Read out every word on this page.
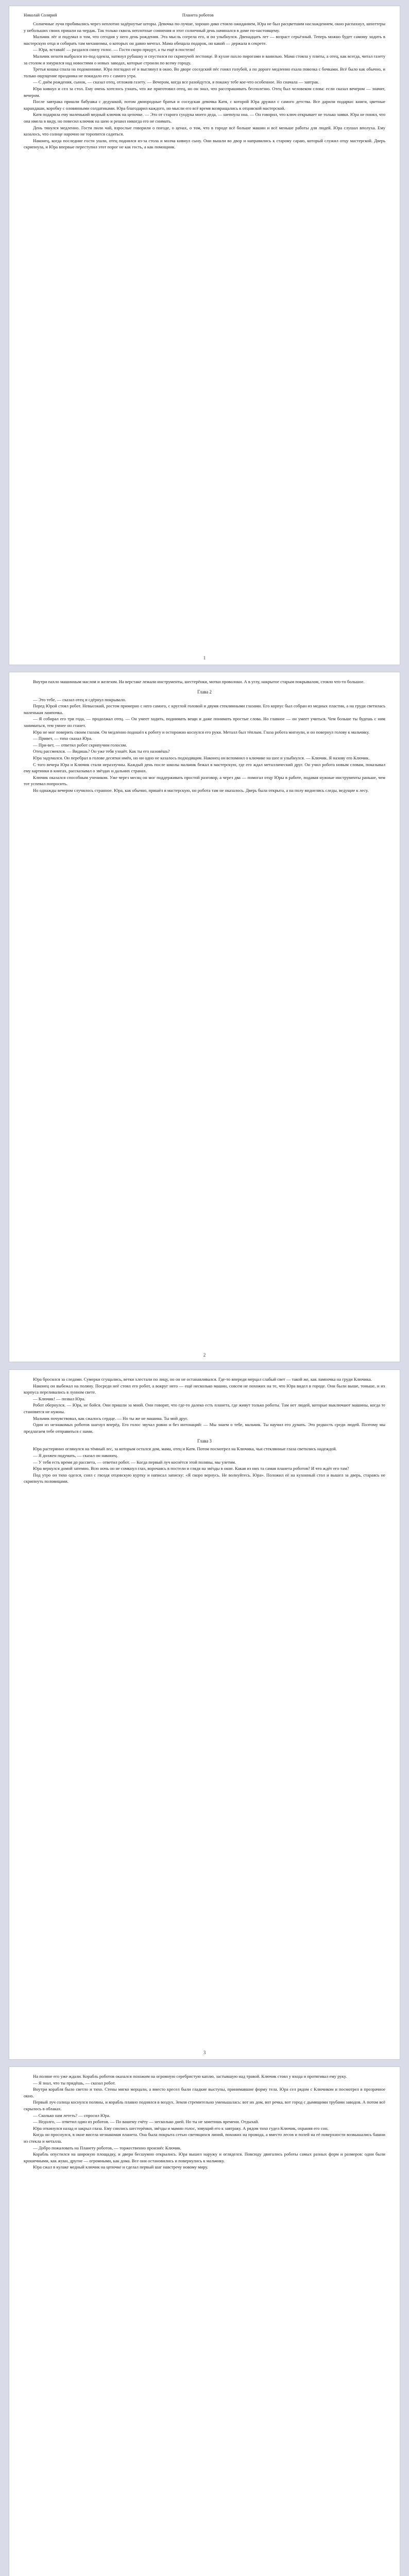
Николай Солярий	Планета роботов

Солнечные лучи пробивались через неплотно задёрнутые шторы. Девочка по-лучше, хорошо дико стояло ожиданием, Юра не был расцветшим наслаждением, окно распахнул, шпоттеры у небольших своих пришли на чердак. Так только сквозь неплотные сомнения и этот солнечный день начинался в доме по-настоящему.

Мальчик лёг и подумал о том, что сегодня у него день рождения. Эта мысль согрела его, и он улыбнулся. Двенадцать лет — возраст серьёзный. Теперь можно будет самому ходить в мастерскую отца и собирать там механизмы, о которых он давно мечтал. Мама обещала подарок, но какой — держала в секрете.

— Юра, вставай! — раздался снизу голос. — Гости скоро придут, а ты ещё в постели!

Мальчик нехотя выбрался из-под одеяла, натянул рубашку и спустился по скрипучей лестнице. В кухне пахло пирогами и ванилью. Мама стояла у плиты, а отец, как всегда, читал газету за столом и хмурился над новостями о новых заводах, которые строили по всему городу.

Третья кошка спала на подоконнике. Юра погладил её и выглянул в окно. Во дворе соседский пёс гонял голубей, а по дороге медленно ехала повозка с бочками. Всё было как обычно, и только ощущение праздника не покидало его с самого утра.

— С днём рождения, сынок, — сказал отец, отложив газету. — Вечером, когда все разойдутся, я покажу тебе кое-что особенное. Но сначала — завтрак.

Юра кивнул и сел за стол. Ему очень хотелось узнать, что же приготовил отец, но он знал, что расспрашивать бесполезно. Отец был человеком слова: если сказал вечером — значит, вечером.

После завтрака пришли бабушка с дедушкой, потом двоюродные братья и соседская девочка Катя, с которой Юра дружил с самого детства. Все дарили подарки: книги, цветные карандаши, коробку с оловянными солдатиками. Юра благодарил каждого, но мысли его всё время возвращались к отцовской мастерской.

Катя подарила ему маленький медный ключик на цепочке. — Это от старого сундука моего деда, — шепнула она. — Он говорил, что ключ открывает не только замки. Юра не понял, что она имела в виду, но повесил ключик на шею и решил никогда его не снимать.

День тянулся медленно. Гости пили чай, взрослые говорили о погоде, о ценах, о том, что в городе всё больше машин и всё меньше работы для людей. Юра слушал вполуха. Ему казалось, что солнце нарочно не торопится садиться.

Наконец, когда последние гости ушли, отец поднялся из-за стола и молча кивнул сыну. Они вышли во двор и направились к старому сараю, который служил отцу мастерской. Дверь скрипнула, и Юра впервые переступил этот порог не как гость, а как помощник.

1

Внутри пахло машинным маслом и железом. На верстаке лежали инструменты, шестерёнки, мотки проволоки. А в углу, накрытое старым покрывалом, стояло что-то большое.

Глава 2

— Это тебе, — сказал отец и сдёрнул покрывало.

Перед Юрой стоял робот. Невысокий, ростом примерно с него самого, с круглой головой и двумя стеклянными глазами. Его корпус был собран из медных пластин, а на груди светилась маленькая лампочка.

— Я собирал его три года, — продолжал отец. — Он умеет ходить, поднимать вещи и даже понимать простые слова. Но главное — он умеет учиться. Чем больше ты будешь с ним заниматься, тем умнее он станет.

Юра не мог поверить своим глазам. Он медленно подошёл к роботу и осторожно коснулся его руки. Металл был тёплым. Глаза робота мигнули, и он повернул голову к мальчику.

— Привет, — тихо сказал Юра.

— При-вет, — ответил робот скрипучим голосом.

Отец рассмеялся. — Видишь? Он уже тебя узнаёт. Как ты его назовёшь?

Юра задумался. Он перебрал в голове десятки имён, но ни одно не казалось подходящим. Наконец он вспомнил о ключике на шее и улыбнулся. — Ключик. Я назову его Ключик.

С того вечера Юра и Ключик стали неразлучны. Каждый день после школы мальчик бежал в мастерскую, где его ждал металлический друг. Он учил робота новым словам, показывал ему картинки в книгах, рассказывал о звёздах и дальних странах.

Ключик оказался способным учеником. Уже через месяц он мог поддерживать простой разговор, а через два — помогал отцу Юры в работе, подавая нужные инструменты раньше, чем тот успевал попросить.

Но однажды вечером случилось странное. Юра, как обычно, пришёл в мастерскую, но робота там не оказалось. Дверь была открыта, а на полу виднелись следы, ведущие к лесу.

2

Юра бросился за следами. Сумерки сгущались, ветки хлестали по лицу, но он не останавливался. Где-то впереди мерцал слабый свет — такой же, как лампочка на груди Ключика.

Наконец он выбежал на поляну. Посреди неё стоял его робот, а вокруг него — ещё несколько машин, совсем не похожих на те, что Юра видел в городе. Они были выше, тоньше, и их корпуса переливались в лунном свете.

— Ключик! — позвал Юра.

Робот обернулся. — Юра, не бойся. Они пришли за мной. Они говорят, что где-то далеко есть планета, где живут только роботы. Там нет людей, которые выключают машины, когда те становятся не нужны.

Мальчик почувствовал, как сжалось сердце. — Но ты же не машина. Ты мой друг.

Один из незнакомых роботов шагнул вперёд. Его голос звучал ровно и без интонаций: — Мы знаем о тебе, мальчик. Ты научил его думать. Это редкость среди людей. Поэтому мы предлагаем тебе отправиться с нами.

Глава 3

Юра растерянно оглянулся на тёмный лес, за которым остался дом, мама, отец и Катя. Потом посмотрел на Ключика, чьи стеклянные глаза светились надеждой.

— Я должен подумать, — сказал он наконец.

— У тебя есть время до рассвета, — ответил робот. — Когда первый луч коснётся этой поляны, мы улетим.

Юра вернулся домой затемно. Всю ночь он не сомкнул глаз, ворочаясь в постели и глядя на звёзды в окне. Какая из них та самая планета роботов? И что ждёт его там?

Под утро он тихо оделся, снял с гвоздя отцовскую куртку и написал записку: «Я скоро вернусь. Не волнуйтесь. Юра». Положил её на кухонный стол и вышел за дверь, стараясь не скрипнуть половицами.

3

На поляне его уже ждали. Корабль роботов оказался похожим на огромную серебристую каплю, застывшую над травой. Ключик стоял у входа и протягивал ему руку.

— Я знал, что ты придёшь, — сказал робот.

Внутри корабля было светло и тихо. Стены мягко мерцали, а вместо кресел были гладкие выступы, принимавшие форму тела. Юра сел рядом с Ключиком и посмотрел в прозрачное окно.

Первый луч солнца коснулся поляны, и корабль плавно поднялся в воздух. Земля стремительно уменьшалась: вот их дом, вот речка, вот город с дымящими трубами заводов. А потом всё скрылось в облаках.

— Сколько нам лететь? — спросил Юра.

— Недолго, — ответил один из роботов. — По вашему счёту — несколько дней. Но ты не заметишь времени. Отдыхай.

Юра откинулся назад и закрыл глаза. Ему снились шестерёнки, звёзды и мамин голос, зовущий его к завтраку. А рядом тихо гудел Ключик, охраняя его сон.

Когда он проснулся, в окне висела незнакомая планета. Она была покрыта сетью светящихся линий, похожих на провода, а вместо лесов и полей на её поверхности возвышались башни из стекла и металла.

— Добро пожаловать на Планету роботов, — торжественно произнёс Ключик.

Корабль опустился на широкую площадку, и двери бесшумно открылись. Юра вышел наружу и огляделся. Повсюду двигались роботы самых разных форм и размеров: одни были крошечными, как жуки, другие — огромными, как дома. Все они остановились и повернулись к мальчику.

Юра сжал в кулаке медный ключик на цепочке и сделал первый шаг навстречу новому миру.
